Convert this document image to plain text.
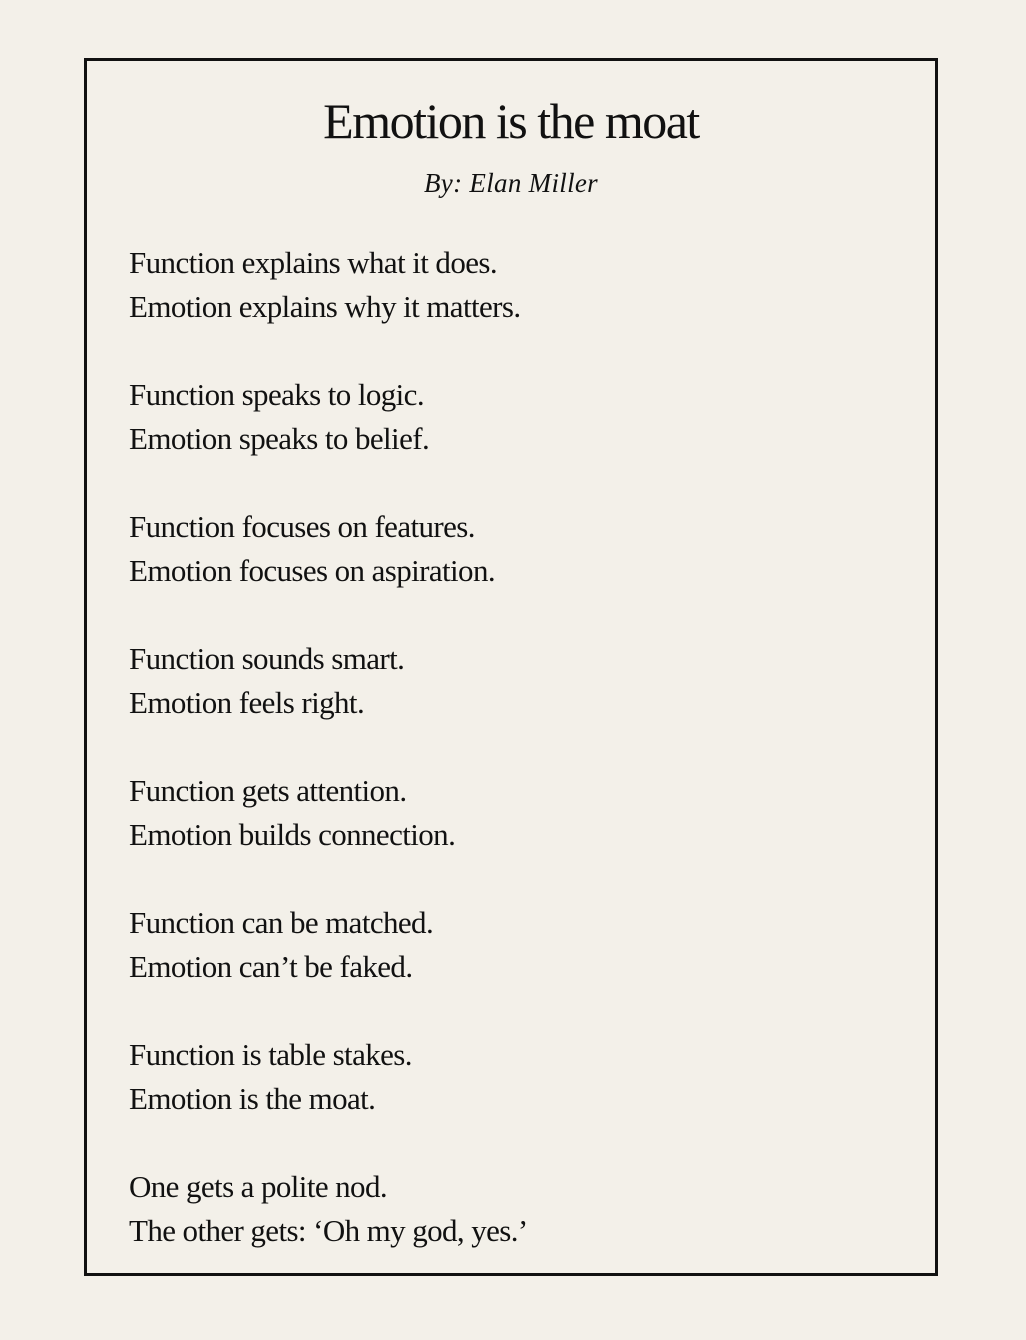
Emotion is the moat

By: Elan Miller

Function explains what it does.
Emotion explains why it matters.
Function speaks to logic.
Emotion speaks to belief.
Function focuses on features.
Emotion focuses on aspiration.
Function sounds smart.
Emotion feels right.
Function gets attention.
Emotion builds connection.
Function can be matched.
Emotion can’t be faked.
Function is table stakes.
Emotion is the moat.
One gets a polite nod.
The other gets: ‘Oh my god, yes.’
